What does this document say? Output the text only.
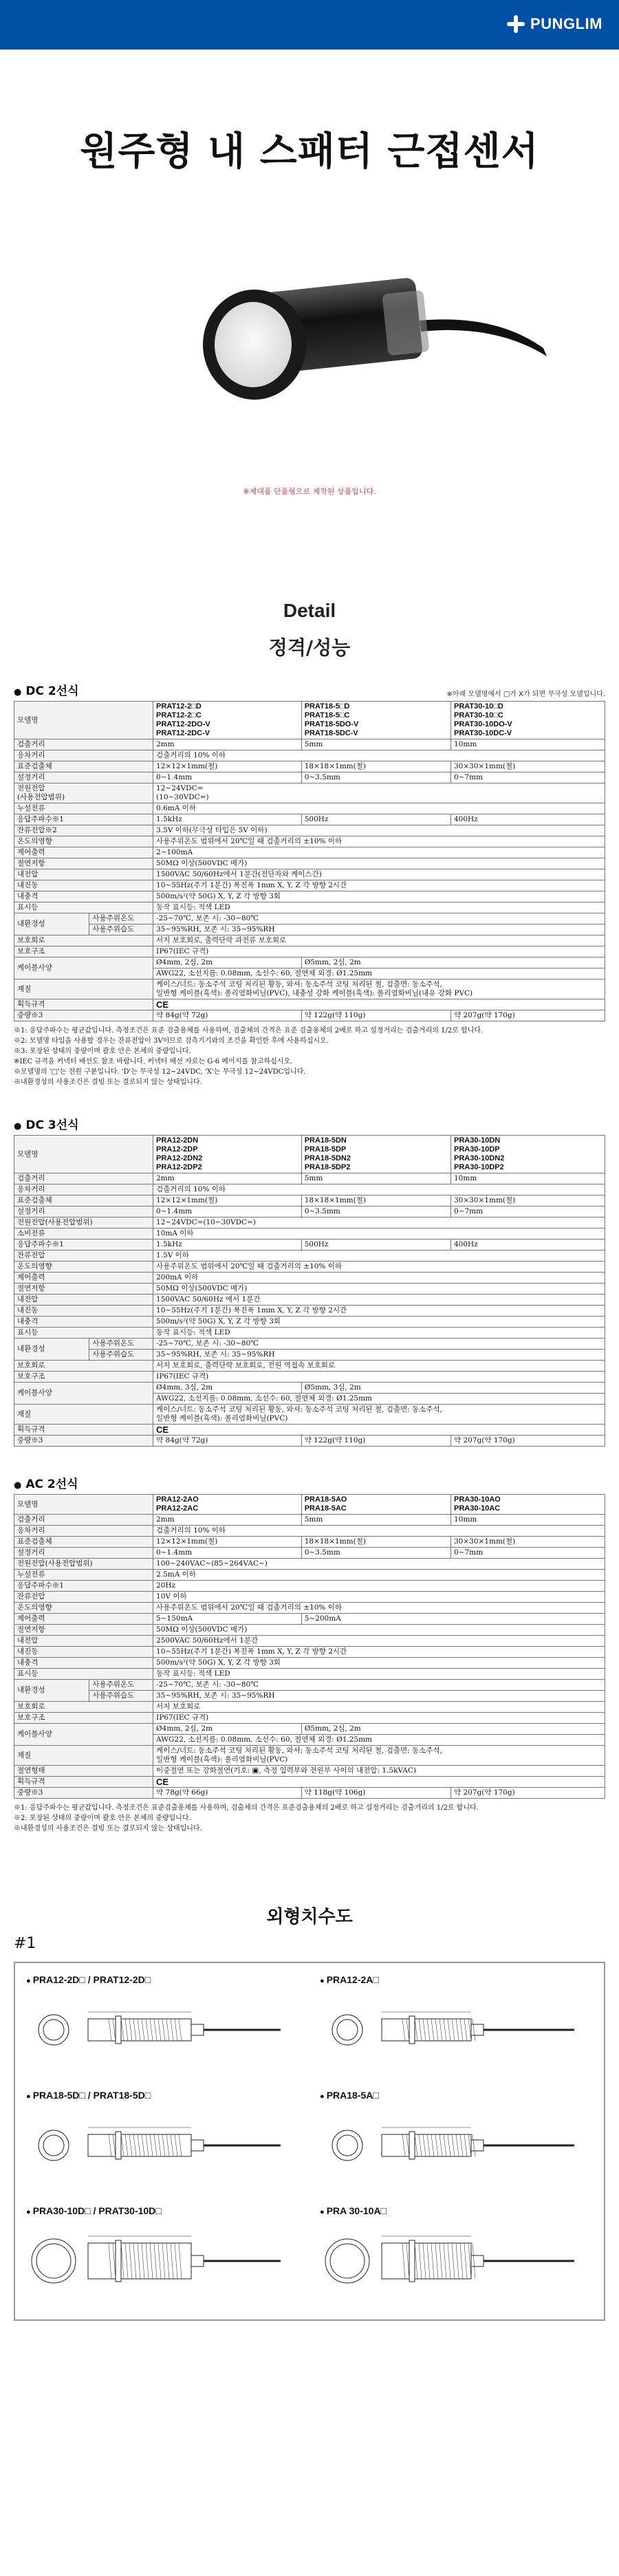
PUNGLIM
원주형 내 스패터 근접센서

※제대품 단품형으로 제작된 상품입니다.

Detail
정격/성능
● DC 2선식	※아래 모델명에서 □가 X가 되면 무극성 모델입니다.
모델명		PRAT12-2□D
PRAT12-2□C
PRAT12-2DO-V
PRAT12-2DC-V	PRAT18-5□D
PRAT18-5□C
PRAT18-5DO-V
PRAT18-5DC-V	PRAT30-10□D
PRAT30-10□C
PRAT30-10DO-V
PRAT30-10DC-V
검출거리		2mm	5mm	10mm
응차거리		검출거리의 10% 이하		
표준검출체		12×12×1mm(철)	18×18×1mm(철)	30×30×1mm(철)
설정거리		0~1.4mm	0~3.5mm	0~7mm
전원전압
(사용전압범위)		12~24VDC=
(10~30VDC=)		
누설전류		0.6mA 이하		
응답주파수※1		1.5kHz	500Hz	400Hz
잔류전압※2		3.5V 이하(무극성 타입은 5V 이하)		
온도의영향		사용주위온도 범위에서 20℃일 때 검출거리의 ±10% 이하		
제어출력		2~100mA		
절연저항		50MΩ 이상(500VDC 메가)		
내전압		1500VAC 50/60Hz에서 1분간(전단자와 케이스간)		
내진동		10~55Hz(주기 1분간) 복진폭 1mm X, Y, Z 각 방향 2시간		
내충격		500m/s²(약 50G) X, Y, Z 각 방향 3회		
표시등		동작 표시등: 적색 LED		
내환경성	사용주위온도	-25~70℃, 보존 시: -30~80℃		
	사용주위습도	35~95%RH, 보존 시: 35~95%RH		
보호회로		서지 보호회로, 출력단락 과전류 보호회로		
보호구조		IP67(IEC 규격)		
케이블사양		Ø4mm, 2심, 2m	Ø5mm, 2심, 2m	
		AWG22, 소선지름: 0.08mm, 소선수: 60, 절연체 외경: Ø1.25mm		
재질		케이스/너트: 동소주석 코팅 처리된 황동, 와셔: 동소주석 코팅 처리된 철, 검출면: 동소주석,
일반형 케이블(흑색): 폴리염화비닐(PVC), 내충성 강화 케이블(흑색): 폴리염화비닐(내유 강화 PVC)		
획득규격		CE		
중량※3		약 84g(약 72g)	약 122g(약 110g)	약 207g(약 170g)

※1: 응답주파수는 평균값입니다. 측정조건은 표준 검출용체를 사용하며, 검출체의 간격은 표준 검출용체의 2배로 하고 설정거리는 검출거리의 1/2로 합니다.

※2: 모델명 타입을 사용할 경우는 잔류전압이 3V이므로 검측기기와의 조건을 확인한 후에 사용하십시오.

※3: 포장된 상태의 중량이며 괄호 안은 본체의 중량입니다.

※IEC 규격을 커넥터 배선도 참조 바랍니다. 커넥터 배선 자료는 G-6 페이지를 참고하십시오.

※모델명의 '□'는 전원 구분입니다. 'D'는 무극성 12~24VDC, 'X'는 무극성 12~24VDC입니다.

※내환경성의 사용조건은 결빙 또는 결로되지 않는 상태입니다.

● DC 3선식
모델명		PRA12-2DN
PRA12-2DP
PRA12-2DN2
PRA12-2DP2	PRA18-5DN
PRA18-5DP
PRA18-5DN2
PRA18-5DP2	PRA30-10DN
PRA30-10DP
PRA30-10DN2
PRA30-10DP2
검출거리		2mm	5mm	10mm
응차거리		검출거리의 10% 이하		
표준검출체		12×12×1mm(철)	18×18×1mm(철)	30×30×1mm(철)
설정거리		0~1.4mm	0~3.5mm	0~7mm
전원전압(사용전압범위)		12~24VDC=(10~30VDC=)		
소비전류		10mA 이하		
응답주파수※1		1.5kHz	500Hz	400Hz
잔류전압		1.5V 이하		
온도의영향		사용주위온도 범위에서 20℃일 때 검출거리의 ±10% 이하		
제어출력		200mA 이하		
절연저항		50MΩ 이상(500VDC 메가)		
내전압		1500VAC 50/60Hz 에서 1분간		
내진동		10~55Hz(주기 1분간) 복진폭 1mm X, Y, Z 각 방향 2시간		
내충격		500m/s²(약 50G) X, Y, Z 각 방향 3회		
표시등		동작 표시등: 적색 LED		
내환경성	사용주위온도	-25~70℃, 보존 시: -30~80℃		
	사용주위습도	35~95%RH, 보존 시: 35~95%RH		
보호회로		서지 보호회로, 출력단락 보호회로, 전원 역접속 보호회로		
보호구조		IP67(IEC 규격)		
케이블사양		Ø4mm, 3심, 2m	Ø5mm, 3심, 2m	
		AWG22, 소선지름: 0.08mm, 소선수: 60, 절연체 외경: Ø1.25mm		
재질		케이스/너트: 동소주석 코팅 처리된 황동, 와셔: 동소주석 코팅 처리된 철, 검출면: 동소주석,
일반형 케이블(흑색): 폴리염화비닐(PVC)		
획득규격		CE		
중량※3		약 84g(약 72g)	약 122g(약 110g)	약 207g(약 170g)
● AC 2선식
모델명		PRA12-2AO
PRA12-2AC	PRA18-5AO
PRA18-5AC	PRA30-10AO
PRA30-10AC
검출거리		2mm	5mm	10mm
응차거리		검출거리의 10% 이하		
표준검출체		12×12×1mm(철)	18×18×1mm(철)	30×30×1mm(철)
설정거리		0~1.4mm	0~3.5mm	0~7mm
전원전압(사용전압범위)		100~240VAC~(85~264VAC~)		
누설전류		2.5mA 이하		
응답주파수※1		20Hz		
잔류전압		10V 이하		
온도의영향		사용주위온도 범위에서 20℃일 때 검출거리의 ±10% 이하		
제어출력		5~150mA	5~200mA	
절연저항		50MΩ 이상(500VDC 메가)		
내전압		2500VAC 50/60Hz에서 1분간		
내진동		10~55Hz(주기 1분간) 복진폭 1mm X, Y, Z 각 방향 2시간		
내충격		500m/s²(약 50G) X, Y, Z 각 방향 3회		
표시등		동작 표시등: 적색 LED		
내환경성	사용주위온도	-25~70℃, 보존 시: -30~80℃		
	사용주위습도	35~95%RH, 보존 시: 35~95%RH		
보호회로		서지 보호회로		
보호구조		IP67(IEC 규격)		
케이블사양		Ø4mm, 2심, 2m	Ø5mm, 2심, 2m	
		AWG22, 소선지름: 0.08mm, 소선수: 60, 절연체 외경: Ø1.25mm		
재질		케이스/너트: 동소주석 코팅 처리된 황동, 와셔: 동소주석 코팅 처리된 철, 검출면: 동소주석,
일반형 케이블(흑색): 폴리염화비닐(PVC)		
절연형태		이중절연 또는 강화절연(기호: ▣, 측정 입력부와 전원부 사이의 내전압: 1.5kVAC)		
획득규격		CE		
중량※3		약 78g(약 66g)	약 118g(약 106g)	약 207g(약 170g)

※1: 응답주파수는 평균값입니다. 측정조건은 표준검출용체를 사용하며, 검출체의 간격은 표준검출용체의 2배로 하고 설정거리는 검출거리의 1/2로 합니다.

※2: 포장된 상태의 중량이며 괄호 안은 본체의 중량입니다.

※내환경성의 사용조건은 결빙 또는 결로되지 않는 상태입니다.

외형치수도
#1
● PRA12-2D□ / PRAT12-2D□	● PRA12-2A□
● PRA18-5D□ / PRAT18-5D□	● PRA18-5A□
● PRA30-10D□ / PRAT30-10D□	● PRA 30-10A□
